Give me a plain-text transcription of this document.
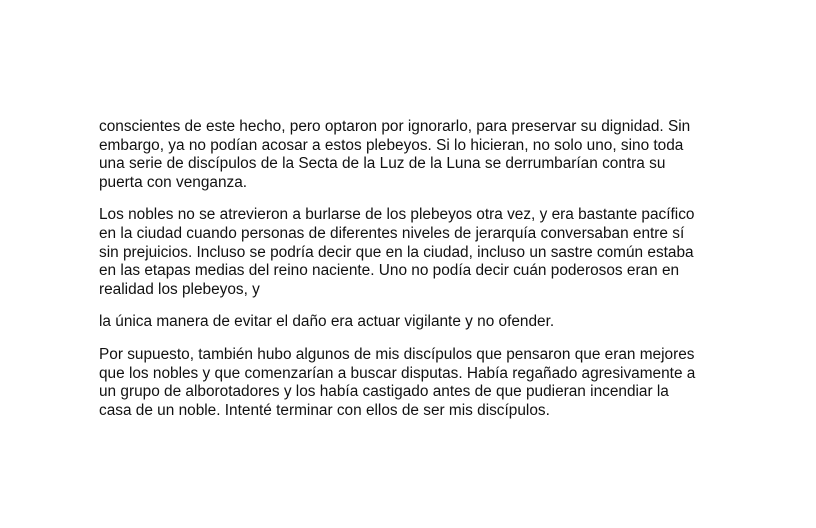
conscientes de este hecho, pero optaron por ignorarlo, para preservar su dignidad. Sin
embargo, ya no podían acosar a estos plebeyos. Si lo hicieran, no solo uno, sino toda
una serie de discípulos de la Secta de la Luz de la Luna se derrumbarían contra su
puerta con venganza.

Los nobles no se atrevieron a burlarse de los plebeyos otra vez, y era bastante pacífico
en la ciudad cuando personas de diferentes niveles de jerarquía conversaban entre sí
sin prejuicios. Incluso se podría decir que en la ciudad, incluso un sastre común estaba
en las etapas medias del reino naciente. Uno no podía decir cuán poderosos eran en
realidad los plebeyos, y

la única manera de evitar el daño era actuar vigilante y no ofender.

Por supuesto, también hubo algunos de mis discípulos que pensaron que eran mejores
que los nobles y que comenzarían a buscar disputas. Había regañado agresivamente a
un grupo de alborotadores y los había castigado antes de que pudieran incendiar la
casa de un noble. Intenté terminar con ellos de ser mis discípulos.
